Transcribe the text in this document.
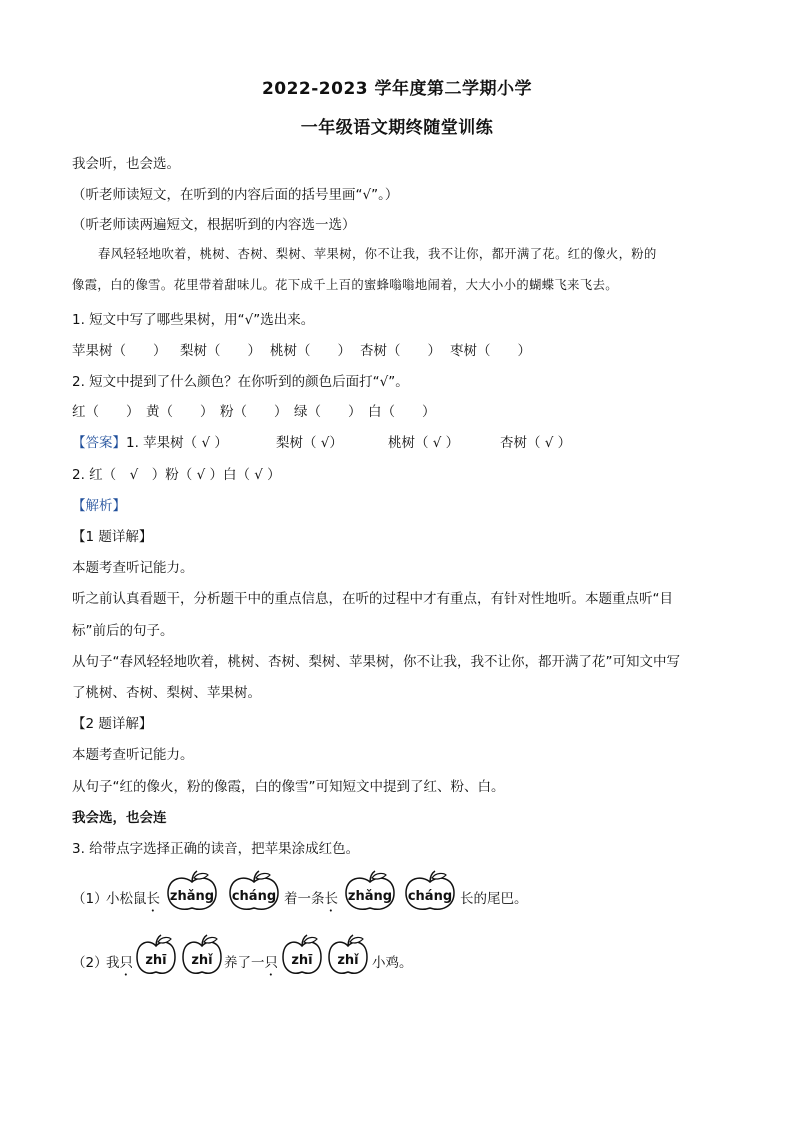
2022-2023 学年度第二学期小学
一年级语文期终随堂训练
我会听，也会选。
（听老师读短文，在听到的内容后面的括号里画“√”。）
（听老师读两遍短文，根据听到的内容选一选）
春风轻轻地吹着，桃树、杏树、梨树、苹果树，你不让我，我不让你，都开满了花。红的像火，粉的
像霞，白的像雪。花里带着甜味儿。花下成千上百的蜜蜂嗡嗡地闹着，大大小小的蝴蝶飞来飞去。
1. 短文中写了哪些果树，用“√”选出来。
苹果树（　　）	梨树（　　） 桃树（　　） 杏树（　　） 枣树（　　）
2. 短文中提到了什么颜色？在你听到的颜色后面打“√”。
红（　　） 黄（　　） 粉（　　） 绿（　　） 白（　　）
【答案】 1. 苹果树（ √ ）	梨树（ √）	桃树（ √ ）	杏树（ √ ）
2. 红（　√　）粉（ √ ）白（ √ ）
【解析】
【1 题详解】
本题考查听记能力。
听之前认真看题干，分析题干中的重点信息，在听的过程中才有重点，有针对性地听。本题重点听“目
标”前后的句子。
从句子“春风轻轻地吹着，桃树、杏树、梨树、苹果树，你不让我，我不让你，都开满了花”可知文中写
了桃树、杏树、梨树、苹果树。
【2 题详解】
本题考查听记能力。
从句子“红的像火，粉的像霞，白的像雪”可知短文中提到了红、粉、白。
我会选，也会连
3. 给带点字选择正确的读音，把苹果涂成红色。
（1）
小松鼠长 zhǎng	cháng 着一条长 zhǎng	cháng 长的尾巴。
（2）
我只 zhī	zhǐ 养了一只	zhī	zhǐ 小鸡。
